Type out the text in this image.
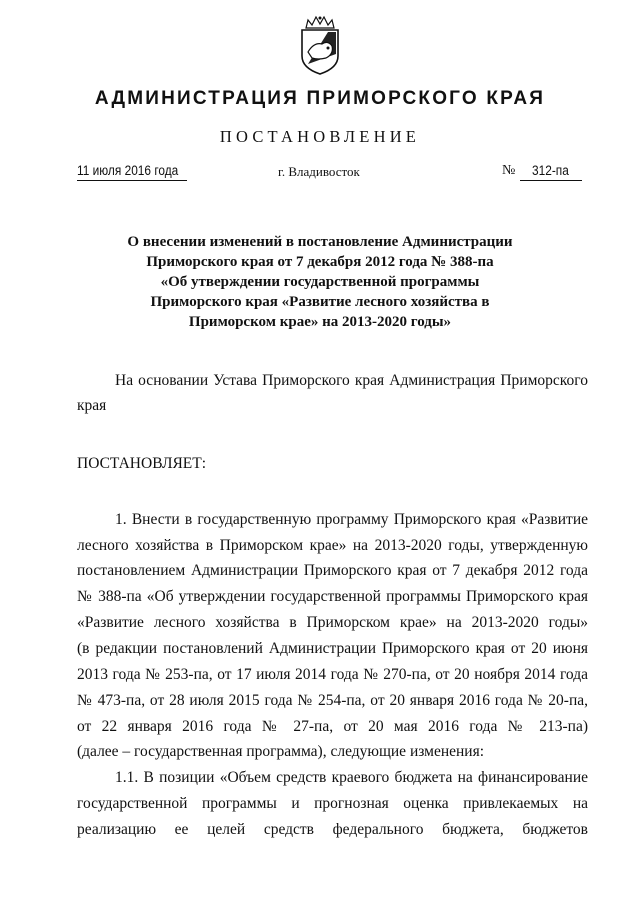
АДМИНИСТРАЦИЯ ПРИМОРСКОГО КРАЯ
ПОСТАНОВЛЕНИЕ
11 июля 2016 года	г. Владивосток	№ 312-па
О внесении изменений в постановление Администрации
Приморского края от 7 декабря 2012 года № 388-па
«Об утверждении государственной программы
Приморского края «Развитие лесного хозяйства в
Приморском крае» на 2013-2020 годы»
На основании Устава Приморского края Администрация Приморского
края
ПОСТАНОВЛЯЕТ:
1. Внести в государственную программу Приморского края «Развитие
лесного хозяйства в Приморском крае» на 2013-2020 годы, утвержденную
постановлением Администрации Приморского края от 7 декабря 2012 года
№ 388-па «Об утверждении государственной программы Приморского края
«Развитие лесного хозяйства в Приморском крае» на 2013-2020 годы»
(в редакции постановлений Администрации Приморского края от 20 июня
2013 года № 253-па, от 17 июля 2014 года № 270-па, от 20 ноября 2014 года
№ 473-па, от 28 июля 2015 года № 254-па, от 20 января 2016 года № 20-па,
от 22 января 2016 года № 27-па, от 20 мая 2016 года № 213-па)
(далее – государственная программа), следующие изменения:
1.1. В позиции «Объем средств краевого бюджета на финансирование
государственной программы и прогнозная оценка привлекаемых на
реализацию ее целей средств федерального бюджета, бюджетов
